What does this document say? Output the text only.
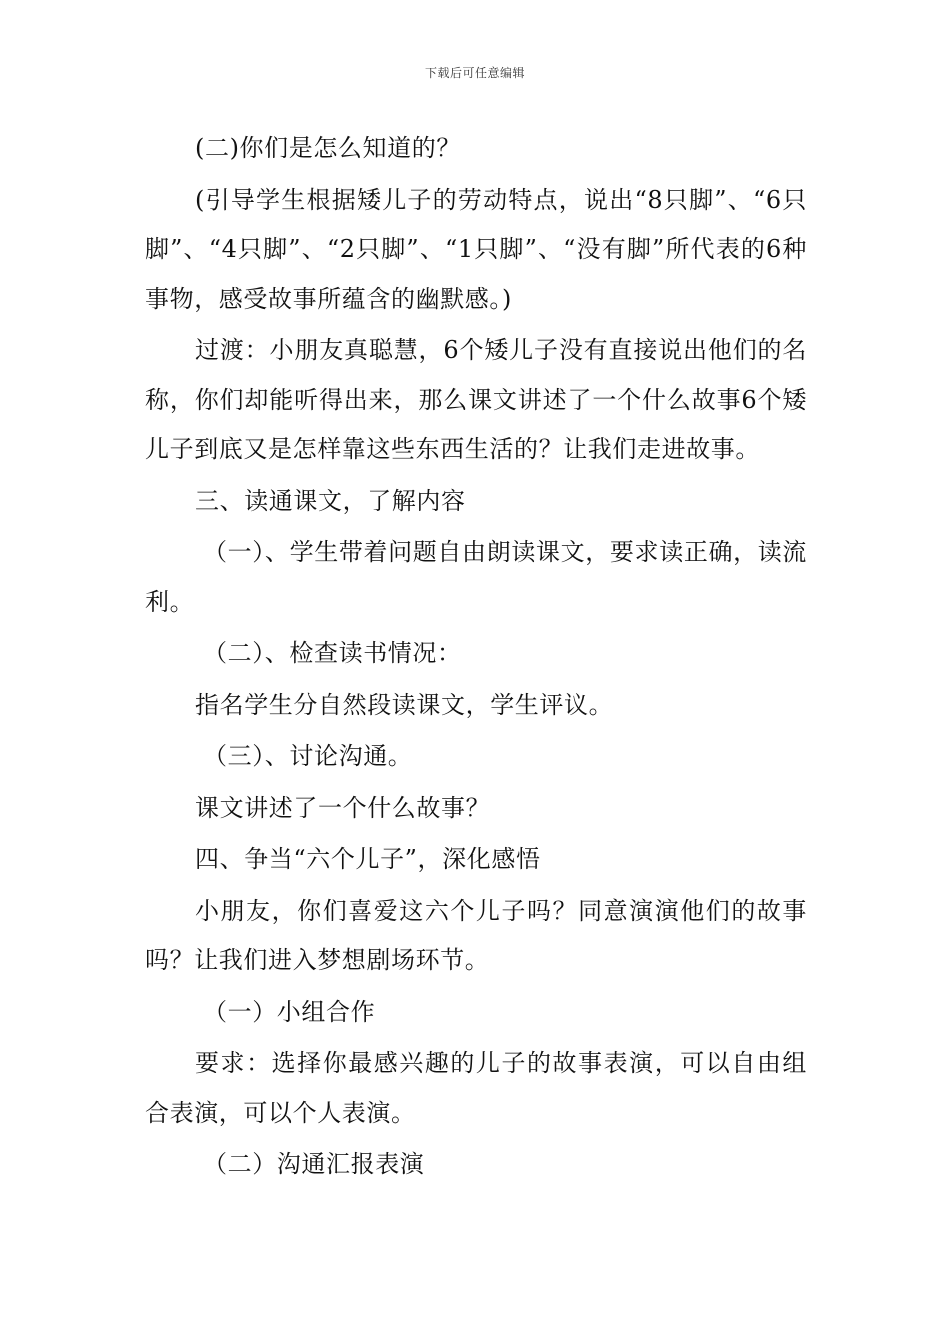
下载后可任意编辑

(二)你们是怎么知道的？

(引导学生根据矮儿子的劳动特点，说出“8只脚”、“6只脚”、“4只脚”、“2只脚”、“1只脚”、“没有脚”所代表的6种事物，感受故事所蕴含的幽默感。)

过渡：小朋友真聪慧，6个矮儿子没有直接说出他们的名称，你们却能听得出来，那么课文讲述了一个什么故事6个矮儿子到底又是怎样靠这些东西生活的？让我们走进故事。

三、读通课文，了解内容

（一）、学生带着问题自由朗读课文，要求读正确，读流利。

（二）、检查读书情况：

指名学生分自然段读课文，学生评议。

（三）、讨论沟通。

课文讲述了一个什么故事？

四、争当“六个儿子”，深化感悟

小朋友，你们喜爱这六个儿子吗？同意演演他们的故事吗？让我们进入梦想剧场环节。

（一）小组合作

要求：选择你最感兴趣的儿子的故事表演，可以自由组合表演，可以个人表演。

（二）沟通汇报表演
